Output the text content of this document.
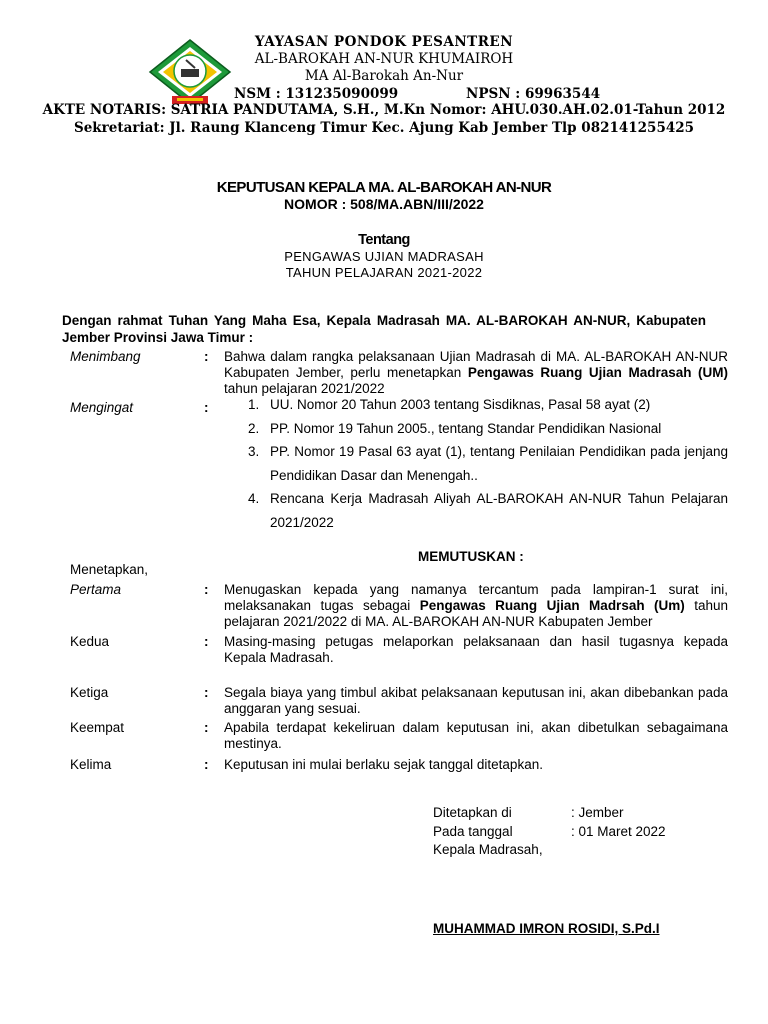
YAYASAN PONDOK PESANTREN
AL-BAROKAH AN-NUR KHUMAIROH
MA Al-Barokah An-Nur
NSM : 131235090099	NPSN : 69963544
AKTE NOTARIS: SATRIA PANDUTAMA, S.H., M.Kn Nomor: AHU.030.AH.02.01-Tahun 2012
Sekretariat: Jl. Raung Klanceng Timur Kec. Ajung Kab Jember Tlp 082141255425
KEPUTUSAN KEPALA MA. AL-BAROKAH AN-NUR
NOMOR : 508/MA.ABN/III/2022
Tentang
PENGAWAS UJIAN MADRASAH
TAHUN PELAJARAN 2021-2022
Dengan rahmat Tuhan Yang Maha Esa, Kepala Madrasah MA. AL-BAROKAH AN-NUR, Kabupaten Jember Provinsi Jawa Timur :
Menimbang	: Bahwa dalam rangka pelaksanaan Ujian Madrasah di MA. AL-BAROKAH AN-NUR Kabupaten Jember, perlu menetapkan Pengawas Ruang Ujian Madrasah (UM) tahun pelajaran 2021/2022
Mengingat	:	1. UU. Nomor 20 Tahun 2003 tentang Sisdiknas, Pasal 58 ayat (2)
2. PP. Nomor 19 Tahun 2005., tentang Standar Pendidikan Nasional
3. PP. Nomor 19 Pasal 63 ayat (1), tentang Penilaian Pendidikan pada jenjang Pendidikan Dasar dan Menengah..
4. Rencana Kerja Madrasah Aliyah AL-BAROKAH AN-NUR Tahun Pelajaran 2021/2022
MEMUTUSKAN :
Menetapkan,
Pertama	: Menugaskan kepada yang namanya tercantum pada lampiran-1 surat ini, melaksanakan tugas sebagai Pengawas Ruang Ujian Madrsah (Um) tahun pelajaran 2021/2022 di MA. AL-BAROKAH AN-NUR Kabupaten Jember
Kedua	: Masing-masing petugas melaporkan pelaksanaan dan hasil tugasnya kepada Kepala Madrasah.
Ketiga	: Segala biaya yang timbul akibat pelaksanaan keputusan ini, akan dibebankan pada anggaran yang sesuai.
Keempat	: Apabila terdapat kekeliruan dalam keputusan ini, akan dibetulkan sebagaimana mestinya.
Kelima	: Keputusan ini mulai berlaku sejak tanggal ditetapkan.
Ditetapkan di	: Jember
Pada tanggal	: 01 Maret 2022
Kepala Madrasah,
MUHAMMAD IMRON ROSIDI, S.Pd.I
